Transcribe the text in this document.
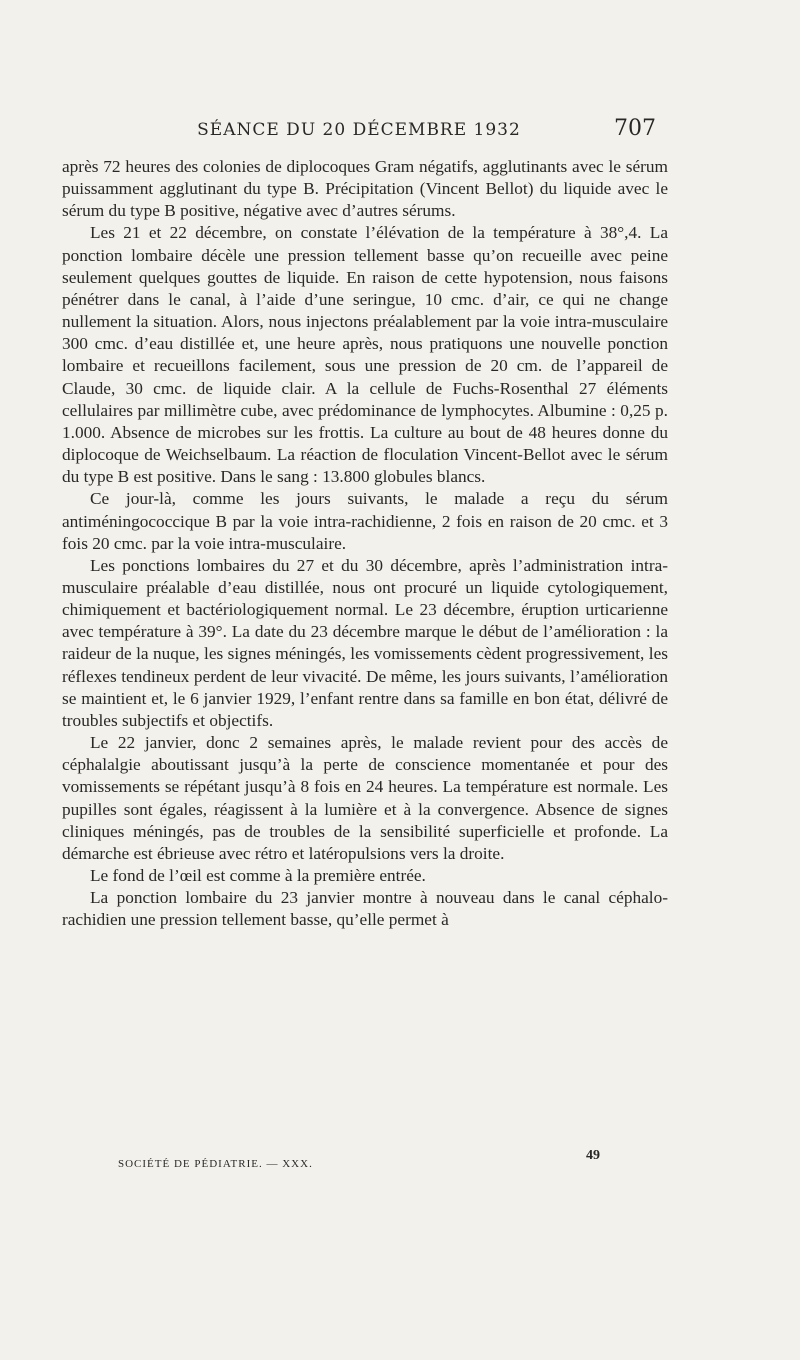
SÉANCE DU 20 DÉCEMBRE 1932	707

après 72 heures des colonies de diplocoques Gram négatifs, agglutinants avec le sérum puissamment agglutinant du type B. Précipitation (Vincent Bellot) du liquide avec le sérum du type B positive, négative avec d’autres sérums.

Les 21 et 22 décembre, on constate l’élévation de la température à 38°,4. La ponction lombaire décèle une pression tellement basse qu’on recueille avec peine seulement quelques gouttes de liquide. En raison de cette hypotension, nous faisons pénétrer dans le canal, à l’aide d’une seringue, 10 cmc. d’air, ce qui ne change nullement la situation. Alors, nous injectons préalablement par la voie intra-musculaire 300 cmc. d’eau distillée et, une heure après, nous pratiquons une nouvelle ponction lombaire et recueillons facilement, sous une pression de 20 cm. de l’appareil de Claude, 30 cmc. de liquide clair. A la cellule de Fuchs-Rosenthal 27 éléments cellulaires par millimètre cube, avec prédominance de lymphocytes. Albumine : 0,25 p. 1.000. Absence de microbes sur les frottis. La culture au bout de 48 heures donne du diplocoque de Weichselbaum. La réaction de floculation Vincent-Bellot avec le sérum du type B est positive. Dans le sang : 13.800 globules blancs.

Ce jour-là, comme les jours suivants, le malade a reçu du sérum antiméningococcique B par la voie intra-rachidienne, 2 fois en raison de 20 cmc. et 3 fois 20 cmc. par la voie intra-musculaire.

Les ponctions lombaires du 27 et du 30 décembre, après l’administration intra-musculaire préalable d’eau distillée, nous ont procuré un liquide cytologiquement, chimiquement et bactériologiquement normal. Le 23 décembre, éruption urticarienne avec température à 39°. La date du 23 décembre marque le début de l’amélioration : la raideur de la nuque, les signes méningés, les vomissements cèdent progressivement, les réflexes tendineux perdent de leur vivacité. De même, les jours suivants, l’amélioration se maintient et, le 6 janvier 1929, l’enfant rentre dans sa famille en bon état, délivré de troubles subjectifs et objectifs.

Le 22 janvier, donc 2 semaines après, le malade revient pour des accès de céphalalgie aboutissant jusqu’à la perte de conscience momentanée et pour des vomissements se répétant jusqu’à 8 fois en 24 heures. La température est normale. Les pupilles sont égales, réagissent à la lumière et à la convergence. Absence de signes cliniques méningés, pas de troubles de la sensibilité superficielle et profonde. La démarche est ébrieuse avec rétro et latéropulsions vers la droite.

Le fond de l’œil est comme à la première entrée.

La ponction lombaire du 23 janvier montre à nouveau dans le canal céphalo-rachidien une pression tellement basse, qu’elle permet à

SOCIÉTÉ DE PÉDIATRIE. — XXX.
49
